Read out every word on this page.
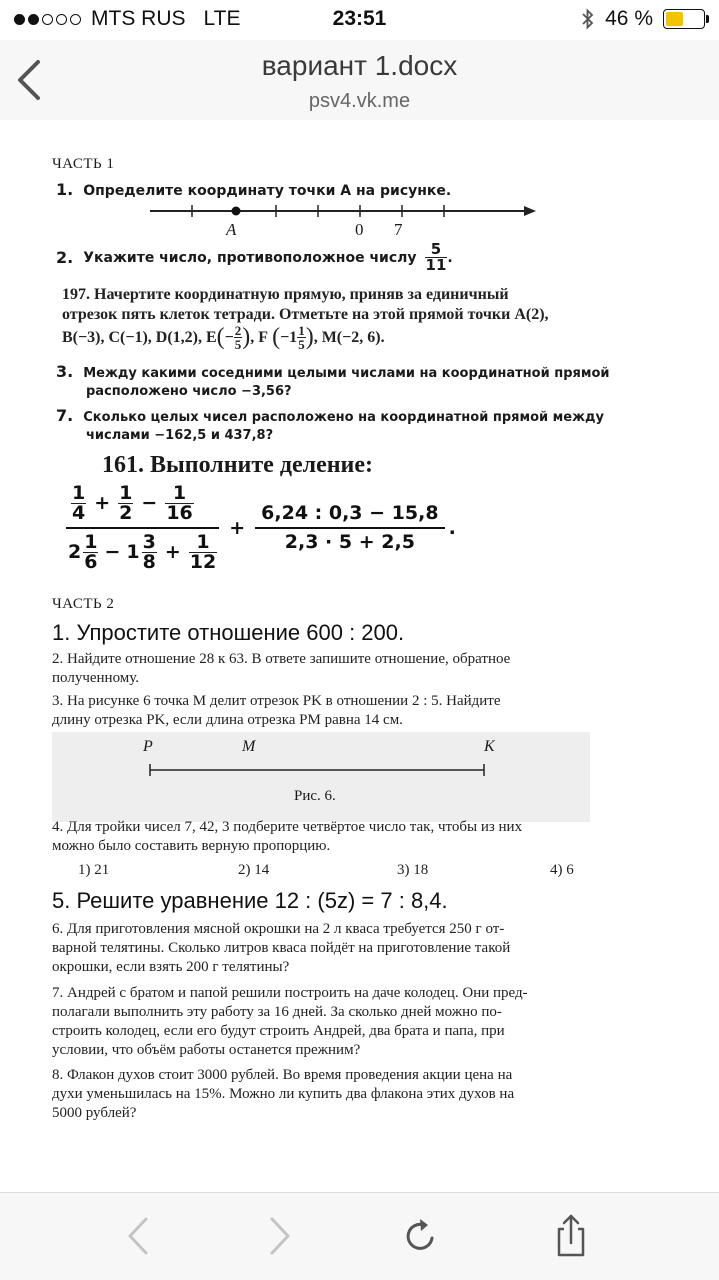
MTS RUS LTE	23:51	46 %
вариант 1.docx
psv4.vk.me
ЧАСТЬ 1
1. Определите координату точки A на рисунке.
A	0 7
2. Укажите число, противоположное числу $\frac{5}{11}$ .
197. Начертите координатную прямую, приняв за единичный
отрезок пять клеток тетради. Отметьте на этой прямой точки A(2),
B(−3), C(−1), D(1,2), E ( − $\frac{2}{5}$ ) , F ( $-1 \frac{1}{5}$ ) , M(−2, 6).
3. Между какими соседними целыми числами на координатной прямой
расположено число −3,56?
7. Сколько целых чисел расположено на координатной прямой между
числами −162,5 и 437,8?
161. Выполните деление:
$\frac{1}{4} + \frac{1}{2} - \frac{1}{16}$
$2 \frac{1}{6} - 1 \frac{3}{8} + \frac{1}{12}$
+ $\frac{6,24 : 0,3 - 15,8}{2,3 \cdot 5 + 2,5}$ .
ЧАСТЬ 2
1. Упростите отношение 600 : 200.
2. Найдите отношение 28 к 63. В ответе запишите отношение, обратное
полученному.
3. На рисунке 6 точка M делит отрезок PK в отношении 2 : 5. Найдите
длину отрезка PK, если длина отрезка PM равна 14 см.
P	M	K
Рис. 6.
4. Для тройки чисел 7, 42, 3 подберите четвёртое число так, чтобы из них
можно было составить верную пропорцию.
1) 21	2) 14	3) 18	4) 6
5. Решите уравнение 12 : (5z) = 7 : 8,4.
6. Для приготовления мясной окрошки на 2 л кваса требуется 250 г от-
варной телятины. Сколько литров кваса пойдёт на приготовление такой
окрошки, если взять 200 г телятины?
7. Андрей с братом и папой решили построить на даче колодец. Они пред-
полагали выполнить эту работу за 16 дней. За сколько дней можно по-
строить колодец, если его будут строить Андрей, два брата и папа, при
условии, что объём работы останется прежним?
8. Флакон духов стоит 3000 рублей. Во время проведения акции цена на
духи уменьшилась на 15%. Можно ли купить два флакона этих духов на
5000 рублей?
